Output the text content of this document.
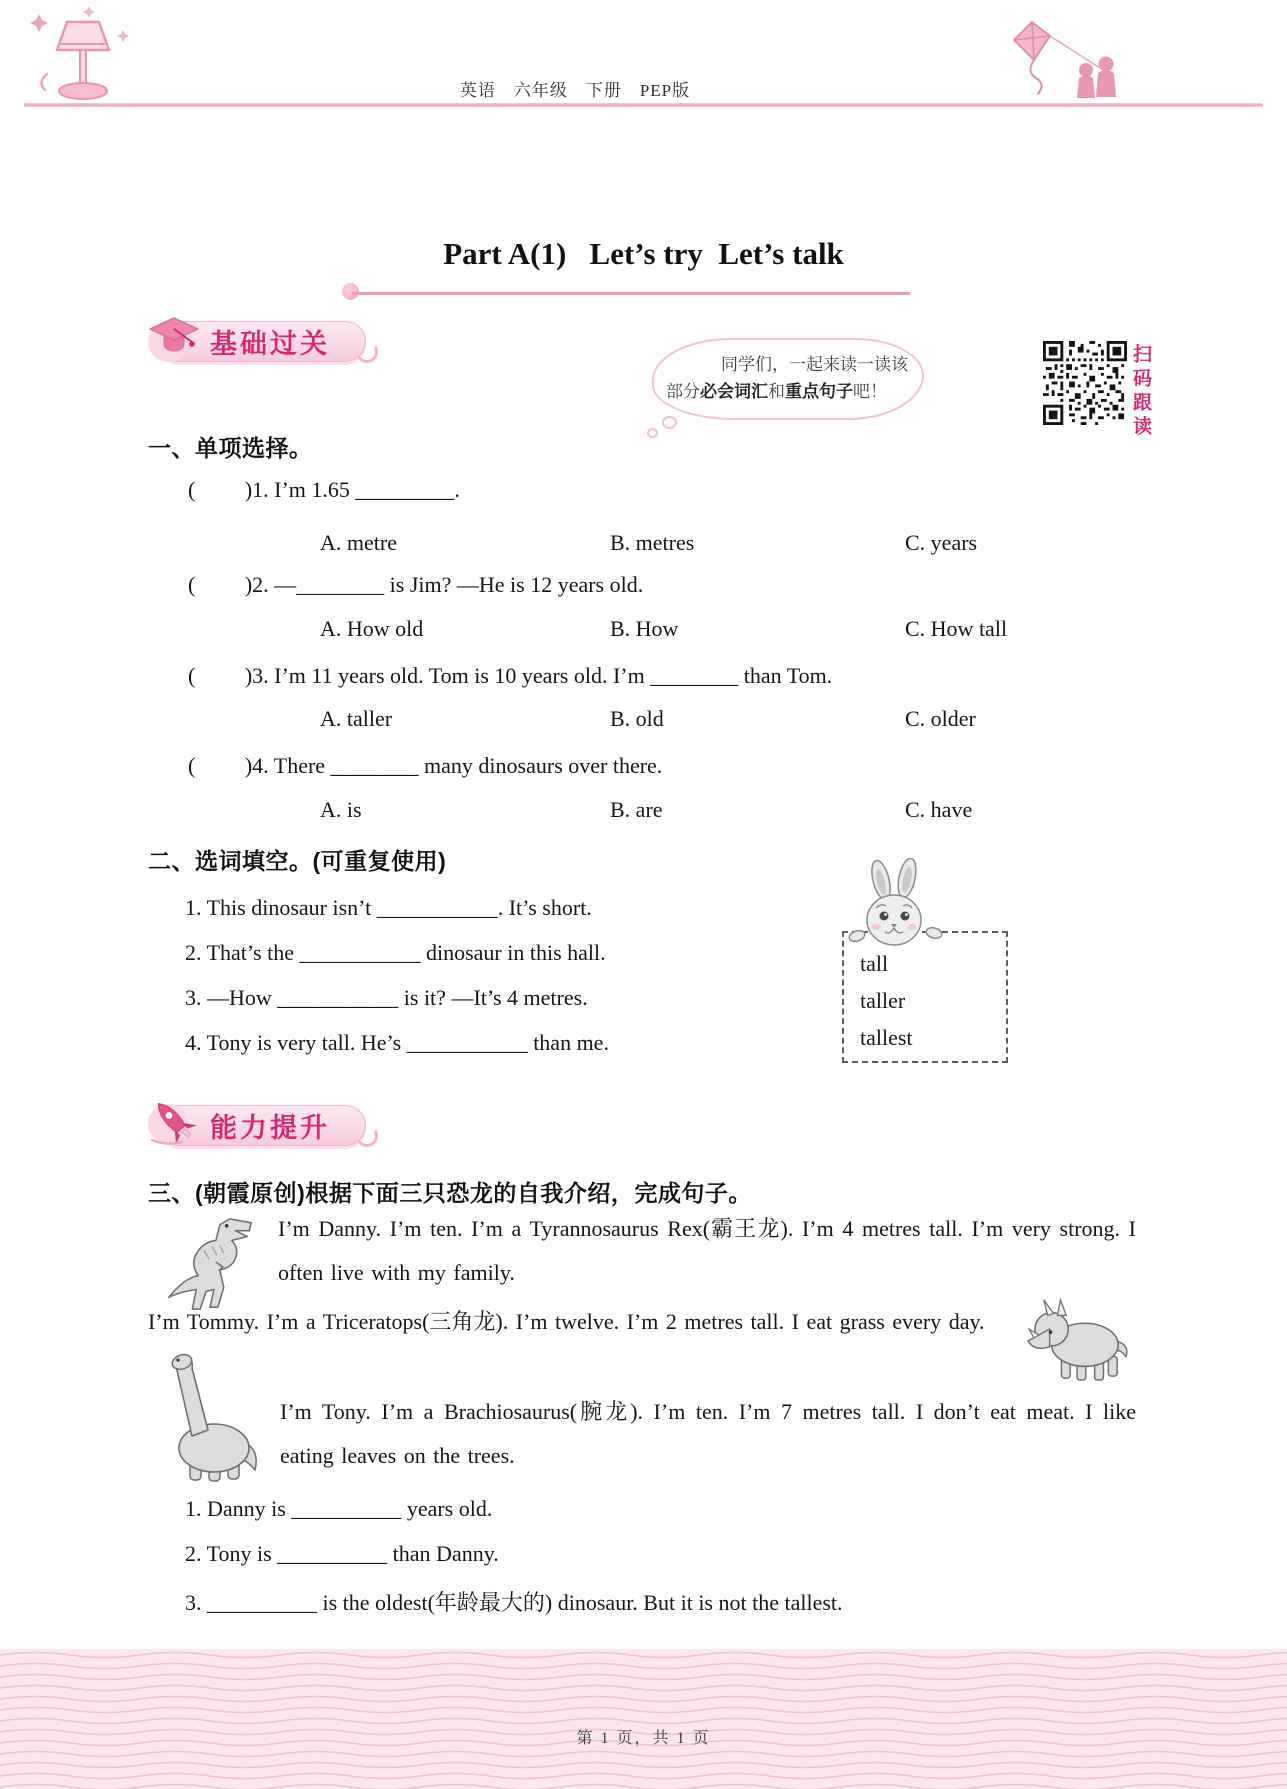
英语　六年级　下册　PEP版
Part A(1)   Let’s try  Let’s talk
基础过关
同学们，一起来读一读该
部分必会词汇和重点句子吧！	扫码跟读
一、单项选择。
(         )1. I’m 1.65 _________.
A. metre	B. metres	C. years
(         )2. —________ is Jim? —He is 12 years old.
A. How old	B. How	C. How tall
(         )3. I’m 11 years old. Tom is 10 years old. I’m ________ than Tom.
A. taller	B. old	C. older
(         )4. There ________ many dinosaurs over there.
A. is	B. are	C. have
二、选词填空。(可重复使用)
1. This dinosaur isn’t ___________. It’s short.
2. That’s the ___________ dinosaur in this hall.
3. —How ___________ is it? —It’s 4 metres.
4. Tony is very tall. He’s ___________ than me.
tall
taller
tallest
能力提升
三、(朝霞原创)根据下面三只恐龙的自我介绍，完成句子。
I’m Danny. I’m ten. I’m a Tyrannosaurus Rex(霸王龙). I’m 4 metres tall. I’m very strong. I often live with my family.
I’m Tommy. I’m a Triceratops(三角龙). I’m twelve. I’m 2 metres tall. I eat grass every day.
I’m Tony. I’m a Brachiosaurus(腕龙). I’m ten. I’m 7 metres tall. I don’t eat meat. I like eating leaves on the trees.
1. Danny is __________ years old.
2. Tony is __________ than Danny.
3. __________ is the oldest(年龄最大的) dinosaur. But it is not the tallest.
第 1 页，共 1 页
